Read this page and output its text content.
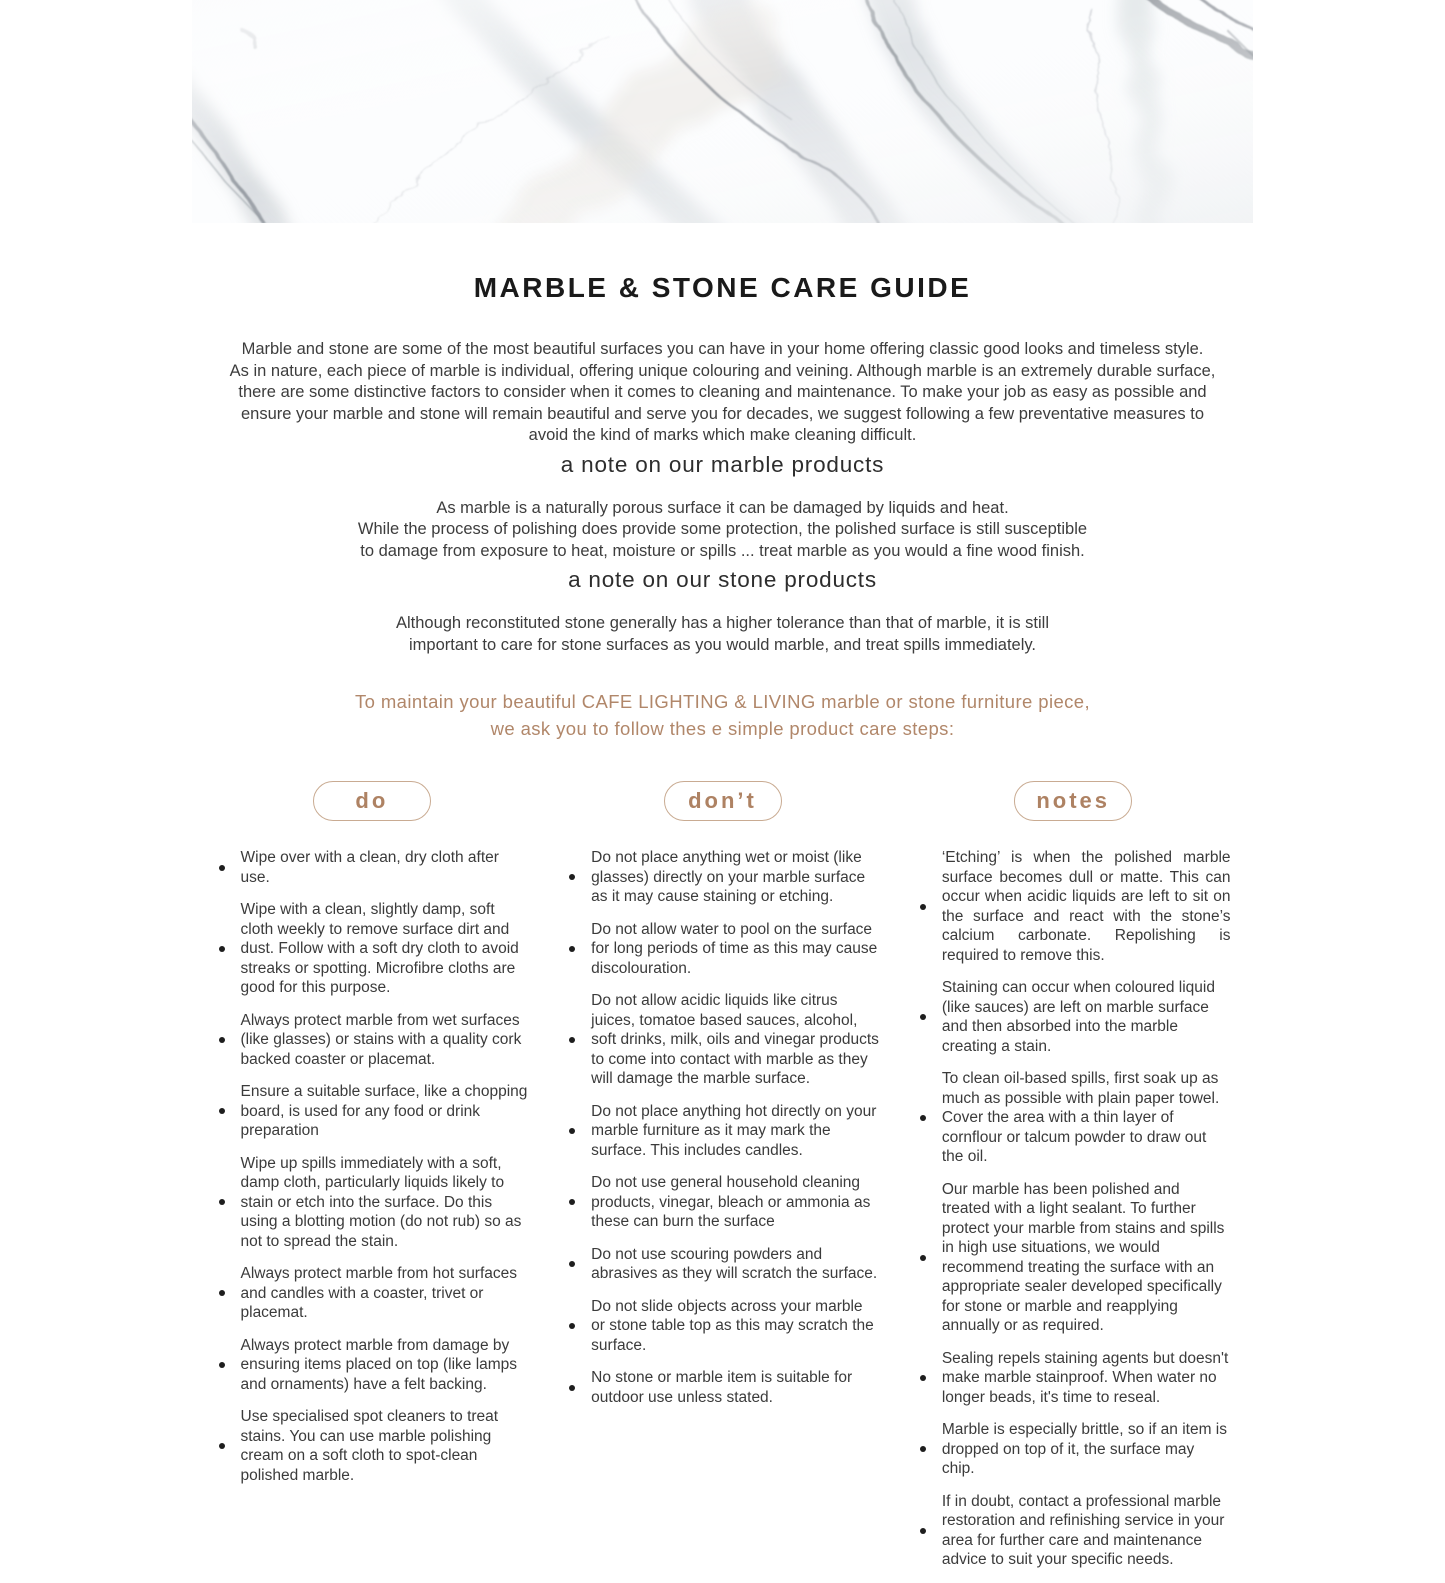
MARBLE & STONE CARE GUIDE
Marble and stone are some of the most beautiful surfaces you can have in your home offering classic good looks and timeless style.
As in nature, each piece of marble is individual, offering unique colouring and veining. Although marble is an extremely durable surface,
there are some distinctive factors to consider when it comes to cleaning and maintenance. To make your job as easy as possible and
ensure your marble and stone will remain beautiful and serve you for decades, we suggest following a few preventative measures to
avoid the kind of marks which make cleaning difficult.
a note on our marble products
As marble is a naturally porous surface it can be damaged by liquids and heat.
While the process of polishing does provide some protection, the polished surface is still susceptible
to damage from exposure to heat, moisture or spills ... treat marble as you would a fine wood finish.
a note on our stone products
Although reconstituted stone generally has a higher tolerance than that of marble, it is still
important to care for stone surfaces as you would marble, and treat spills immediately.
To maintain your beautiful CAFE LIGHTING & LIVING marble or stone furniture piece,
we ask you to follow thes e simple product care steps:
do
Wipe over with a clean, dry cloth after use.
Wipe with a clean, slightly damp, soft cloth weekly to remove surface dirt and dust. Follow with a soft dry cloth to avoid streaks or spotting. Microfibre cloths are good for this purpose.
Always protect marble from wet surfaces (like glasses) or stains with a quality cork backed coaster or placemat.
Ensure a suitable surface, like a chopping board, is used for any food or drink preparation
Wipe up spills immediately with a soft, damp cloth, particularly liquids likely to stain or etch into the surface. Do this using a blotting motion (do not rub) so as not to spread the stain.
Always protect marble from hot surfaces and candles with a coaster, trivet or placemat.
Always protect marble from damage by ensuring items placed on top (like lamps and ornaments) have a felt backing.
Use specialised spot cleaners to treat stains. You can use marble polishing cream on a soft cloth to spot-clean polished marble.
don’t
Do not place anything wet or moist (like glasses) directly on your marble surface as it may cause staining or etching.
Do not allow water to pool on the surface for long periods of time as this may cause discolouration.
Do not allow acidic liquids like citrus juices, tomatoe based sauces, alcohol, soft drinks, milk, oils and vinegar products to come into contact with marble as they will damage the marble surface.
Do not place anything hot directly on your marble furniture as it may mark the surface. This includes candles.
Do not use general household cleaning products, vinegar, bleach or ammonia as these can burn the surface
Do not use scouring powders and abrasives as they will scratch the surface.
Do not slide objects across your marble or stone table top as this may scratch the surface.
No stone or marble item is suitable for outdoor use unless stated.
notes
‘Etching’ is when the polished marble surface becomes dull or matte. This can occur when acidic liquids are left to sit on the surface and react with the stone’s calcium carbonate. Repolishing is required to remove this.
Staining can occur when coloured liquid (like sauces) are left on marble surface and then absorbed into the marble creating a stain.
To clean oil-based spills, first soak up as much as possible with plain paper towel. Cover the area with a thin layer of cornflour or talcum powder to draw out the oil.
Our marble has been polished and treated with a light sealant. To further protect your marble from stains and spills in high use situations, we would recommend treating the surface with an appropriate sealer developed specifically for stone or marble and reapplying annually or as required.
Sealing repels staining agents but doesn't make marble stainproof. When water no longer beads, it's time to reseal.
Marble is especially brittle, so if an item is dropped on top of it, the surface may chip.
If in doubt, contact a professional marble restoration and refinishing service in your area for further care and maintenance advice to suit your specific needs.
